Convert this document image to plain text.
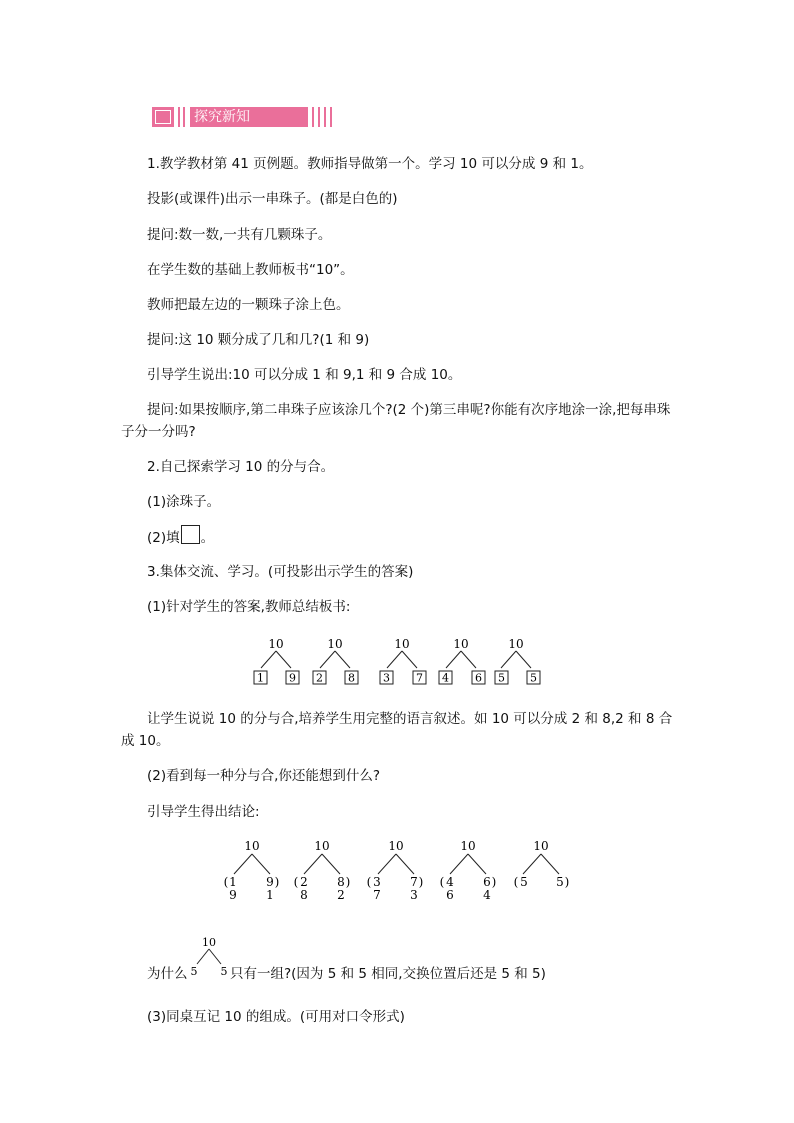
探究新知

1.教学教材第 41 页例题。教师指导做第一个。学习 10 可以分成 9 和 1。

投影(或课件)出示一串珠子。(都是白色的)

提问:数一数,一共有几颗珠子。

在学生数的基础上教师板书“10”。

教师把最左边的一颗珠子涂上色。

提问:这 10 颗分成了几和几?(1 和 9)

引导学生说出:10 可以分成 1 和 9,1 和 9 合成 10。

提问:如果按顺序,第二串珠子应该涂几个?(2 个)第三串呢?你能有次序地涂一涂,把每串珠子分一分吗?

2.自己探索学习 10 的分与合。

(1)涂珠子。

(2)填 。

3.集体交流、学习。(可投影出示学生的答案)

(1)针对学生的答案,教师总结板书:

10
1 9
10
2 8
10
3 7
10
4 6
10
5 5

让学生说说 10 的分与合,培养学生用完整的语言叙述。如 10 可以分成 2 和 8,2 和 8 合成 10。

(2)看到每一种分与合,你还能想到什么?

引导学生得出结论:

10
( 1 9 )
9 1
10
( 2 8 )
8 2
10
( 3 7 )
7 3
10
( 4 6 )
6 4
10
( 5 5 )

为什么

10
5 5 只有一组?(因为 5 和 5 相同,交换位置后还是 5 和 5)

(3)同桌互记 10 的组成。(可用对口令形式)
